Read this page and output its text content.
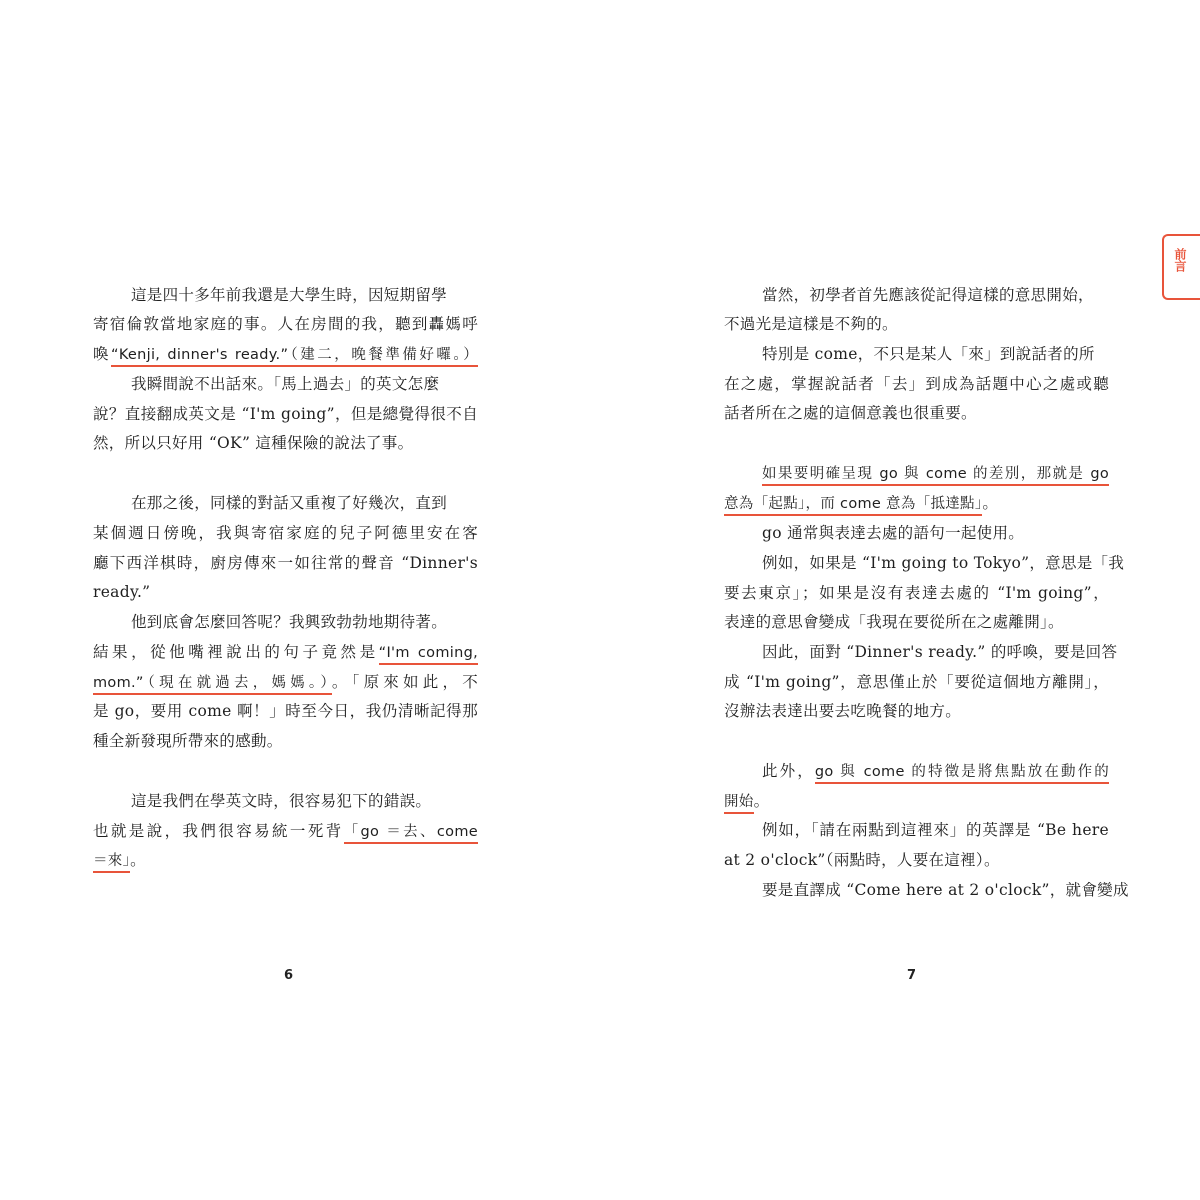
這是四十多年前我還是大學生時，因短期留學
寄宿倫敦當地家庭的事。人在房間的我，聽到轟媽呼
喚“Kenji, dinner's ready.”（建二，晚餐準備好囉。）
我瞬間說不出話來。「馬上過去」的英文怎麼
說？直接翻成英文是 “I'm going”，但是總覺得很不自
然，所以只好用 “OK” 這種保險的說法了事。
在那之後，同樣的對話又重複了好幾次，直到
某個週日傍晚，我與寄宿家庭的兒子阿德里安在客
廳下西洋棋時，廚房傳來一如往常的聲音 “Dinner's
ready.”
他到底會怎麼回答呢？我興致勃勃地期待著。
結果，從他嘴裡說出的句子竟然是“I'm coming,
mom.”（現在就過去，媽媽。）。「原來如此，不
是 go，要用 come 啊！」時至今日，我仍清晰記得那
種全新發現所帶來的感動。
這是我們在學英文時，很容易犯下的錯誤。
也就是說，我們很容易統一死背「go ＝去、come
＝來」。
當然，初學者首先應該從記得這樣的意思開始，
不過光是這樣是不夠的。
特別是 come，不只是某人「來」到說話者的所
在之處，掌握說話者「去」到成為話題中心之處或聽
話者所在之處的這個意義也很重要。
如果要明確呈現 go 與 come 的差別，那就是 go
意為「起點」，而 come 意為「抵達點」。
go 通常與表達去處的語句一起使用。
例如，如果是 “I'm going to Tokyo”，意思是「我
要去東京」；如果是沒有表達去處的 “I'm going”，
表達的意思會變成「我現在要從所在之處離開」。
因此，面對 “Dinner's ready.” 的呼喚，要是回答
成 “I'm going”，意思僅止於「要從這個地方離開」，
沒辦法表達出要去吃晚餐的地方。
此外，go 與 come 的特徵是將焦點放在動作的
開始。
例如，「請在兩點到這裡來」的英譯是 “Be here
at 2 o'clock”（兩點時，人要在這裡）。
要是直譯成 “Come here at 2 o'clock”，就會變成
6	7
前言
